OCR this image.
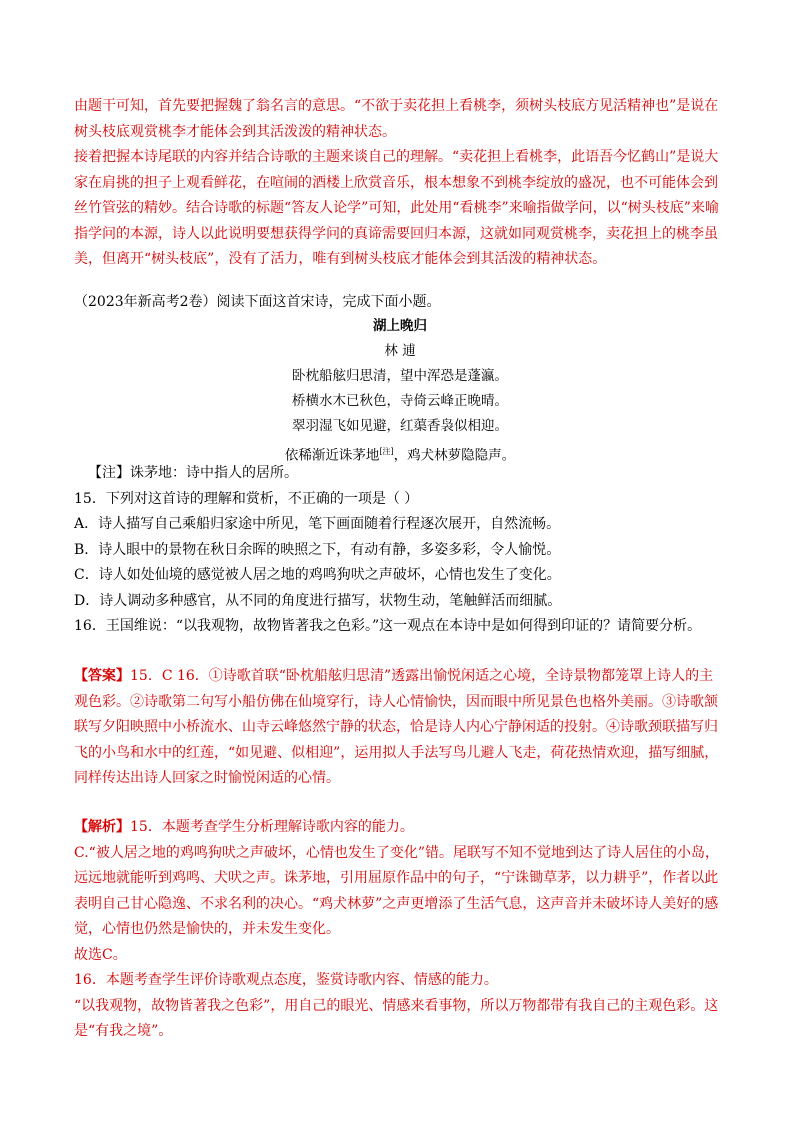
由题干可知，首先要把握魏了翁名言的意思。“不欲于卖花担上看桃李，须树头枝底方见活精神也”是说在树头枝底观赏桃李才能体会到其活泼泼的精神状态。

接着把握本诗尾联的内容并结合诗歌的主题来谈自己的理解。“卖花担上看桃李，此语吾今忆鹤山”是说大家在肩挑的担子上观看鲜花，在喧闹的酒楼上欣赏音乐，根本想象不到桃李绽放的盛况，也不可能体会到丝竹管弦的精妙。结合诗歌的标题“答友人论学”可知，此处用“看桃李”来喻指做学问，以“树头枝底”来喻指学问的本源，诗人以此说明要想获得学问的真谛需要回归本源，这就如同观赏桃李，卖花担上的桃李虽美，但离开“树头枝底”，没有了活力，唯有到树头枝底才能体会到其活泼的精神状态。

（2023年新高考2卷）阅读下面这首宋诗，完成下面小题。
湖上晚归
林 逋
卧枕船舷归思清，望中浑恐是蓬瀛。
桥横水木已秋色，寺倚云峰正晚晴。
翠羽湿飞如见避，红蕖香袅似相迎。
依稀渐近诛茅地[注]，鸡犬林萝隐隐声。

【注】诛茅地：诗中指人的居所。

15．下列对这首诗的理解和赏析，不正确的一项是（ ）

A．诗人描写自己乘船归家途中所见，笔下画面随着行程逐次展开，自然流畅。

B．诗人眼中的景物在秋日余晖的映照之下，有动有静，多姿多彩，令人愉悦。

C．诗人如处仙境的感觉被人居之地的鸡鸣狗吠之声破坏，心情也发生了变化。

D．诗人调动多种感官，从不同的角度进行描写，状物生动，笔触鲜活而细腻。

16．王国维说：“以我观物，故物皆著我之色彩。”这一观点在本诗中是如何得到印证的？请简要分析。

【答案】15．C 16．①诗歌首联“卧枕船舷归思清”透露出愉悦闲适之心境，全诗景物都笼罩上诗人的主观色彩。②诗歌第二句写小船仿佛在仙境穿行，诗人心情愉快，因而眼中所见景色也格外美丽。③诗歌颔联写夕阳映照中小桥流水、山寺云峰悠然宁静的状态，恰是诗人内心宁静闲适的投射。④诗歌颈联描写归飞的小鸟和水中的红莲，“如见避、似相迎”，运用拟人手法写鸟儿避人飞走，荷花热情欢迎，描写细腻，同样传达出诗人回家之时愉悦闲适的心情。

【解析】15．本题考查学生分析理解诗歌内容的能力。

C.“被人居之地的鸡鸣狗吠之声破坏，心情也发生了变化”错。尾联写不知不觉地到达了诗人居住的小岛，远远地就能听到鸡鸣、犬吠之声。诛茅地，引用屈原作品中的句子，“宁诛锄草茅，以力耕乎”，作者以此表明自己甘心隐逸、不求名利的决心。“鸡犬林萝”之声更增添了生活气息，这声音并未破坏诗人美好的感觉，心情也仍然是愉快的，并未发生变化。

故选C。

16．本题考查学生评价诗歌观点态度，鉴赏诗歌内容、情感的能力。

“以我观物，故物皆著我之色彩”，用自己的眼光、情感来看事物，所以万物都带有我自己的主观色彩。这是“有我之境”。
